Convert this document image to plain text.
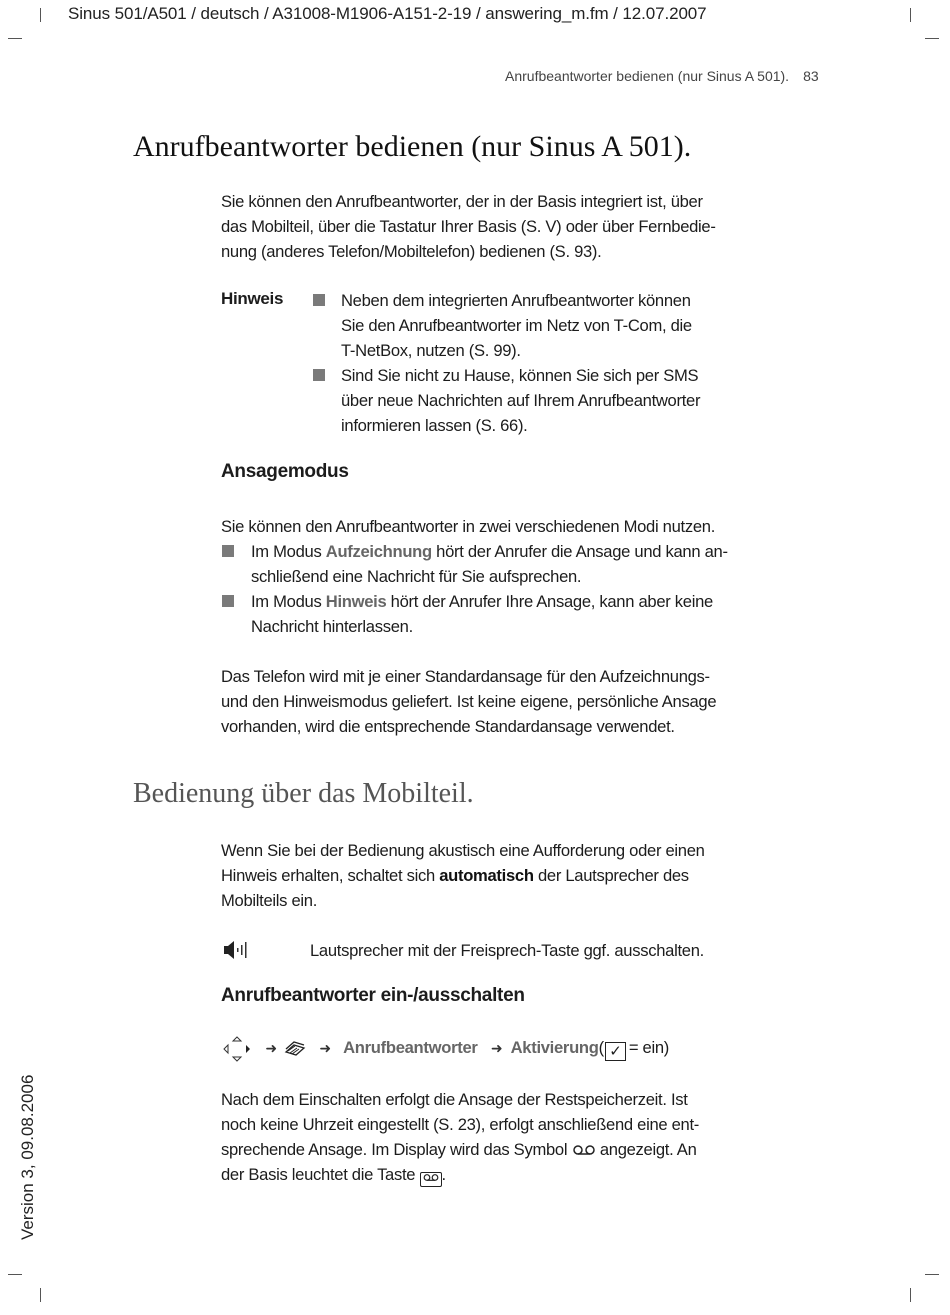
Sinus 501/A501 / deutsch / A31008-M1906-A151-2-19 / answering_m.fm / 12.07.2007
Anrufbeantworter bedienen (nur Sinus A 501). 83
Anrufbeantworter bedienen (nur Sinus A 501).
Sie können den Anrufbeantworter, der in der Basis integriert ist, über
das Mobilteil, über die Tastatur Ihrer Basis (S. V) oder über Fernbedie-
nung (anderes Telefon/Mobiltelefon) bedienen (S. 93).
Hinweis	Neben dem integrierten Anrufbeantworter können
Sie den Anrufbeantworter im Netz von T-Com, die
T-NetBox, nutzen (S. 99).
Sind Sie nicht zu Hause, können Sie sich per SMS
über neue Nachrichten auf Ihrem Anrufbeantworter
informieren lassen (S. 66).
Ansagemodus
Sie können den Anrufbeantworter in zwei verschiedenen Modi nutzen.
Im Modus Aufzeichnung hört der Anrufer die Ansage und kann an-
schließend eine Nachricht für Sie aufsprechen.
Im Modus Hinweis hört der Anrufer Ihre Ansage, kann aber keine
Nachricht hinterlassen.
Das Telefon wird mit je einer Standardansage für den Aufzeichnungs-
und den Hinweismodus geliefert. Ist keine eigene, persönliche Ansage
vorhanden, wird die entsprechende Standardansage verwendet.
Bedienung über das Mobilteil.
Wenn Sie bei der Bedienung akustisch eine Aufforderung oder einen
Hinweis erhalten, schaltet sich automatisch der Lautsprecher des
Mobilteils ein.
Lautsprecher mit der Freisprech-Taste ggf. ausschalten.
Anrufbeantworter ein-/ausschalten
➜	➜ Anrufbeantworter ➜ Aktivierung( ✓ = ein)
Nach dem Einschalten erfolgt die Ansage der Restspeicherzeit. Ist
noch keine Uhrzeit eingestellt (S. 23), erfolgt anschließend eine ent-
sprechende Ansage. Im Display wird das Symbol  angezeigt. An
der Basis leuchtet die Taste .
Version 3, 09.08.2006
